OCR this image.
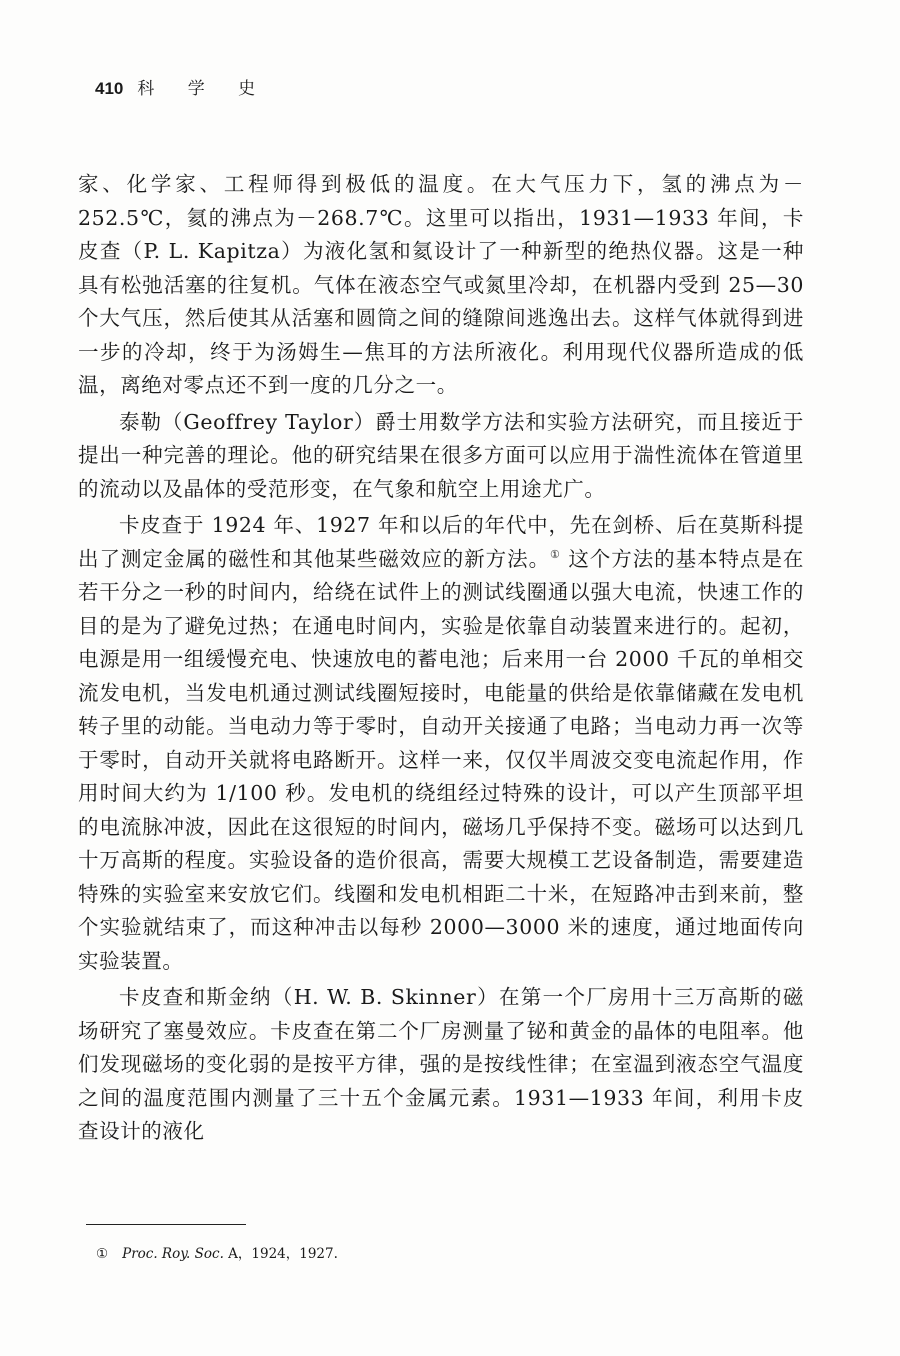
410 科 学 史

家、化学家、工程师得到极低的温度。在大气压力下，氢的沸点为－252.5℃，氦的沸点为－268.7℃。这里可以指出，1931—1933 年间，卡皮查（P. L. Kapitza）为液化氢和氦设计了一种新型的绝热仪器。这是一种具有松弛活塞的往复机。气体在液态空气或氮里冷却，在机器内受到 25—30 个大气压，然后使其从活塞和圆筒之间的缝隙间逃逸出去。这样气体就得到进一步的冷却，终于为汤姆生—焦耳的方法所液化。利用现代仪器所造成的低温，离绝对零点还不到一度的几分之一。

泰勒（Geoffrey Taylor）爵士用数学方法和实验方法研究，而且接近于提出一种完善的理论。他的研究结果在很多方面可以应用于湍性流体在管道里的流动以及晶体的受范形变，在气象和航空上用途尤广。

卡皮查于 1924 年、1927 年和以后的年代中，先在剑桥、后在莫斯科提出了测定金属的磁性和其他某些磁效应的新方法。① 这个方法的基本特点是在若干分之一秒的时间内，给绕在试件上的测试线圈通以强大电流，快速工作的目的是为了避免过热；在通电时间内，实验是依靠自动装置来进行的。起初，电源是用一组缓慢充电、快速放电的蓄电池；后来用一台 2000 千瓦的单相交流发电机，当发电机通过测试线圈短接时，电能量的供给是依靠储藏在发电机转子里的动能。当电动力等于零时，自动开关接通了电路；当电动力再一次等于零时，自动开关就将电路断开。这样一来，仅仅半周波交变电流起作用，作用时间大约为 1/100 秒。发电机的绕组经过特殊的设计，可以产生顶部平坦的电流脉冲波，因此在这很短的时间内，磁场几乎保持不变。磁场可以达到几十万高斯的程度。实验设备的造价很高，需要大规模工艺设备制造，需要建造特殊的实验室来安放它们。线圈和发电机相距二十米，在短路冲击到来前，整个实验就结束了，而这种冲击以每秒 2000—3000 米的速度，通过地面传向实验装置。

卡皮查和斯金纳（H. W. B. Skinner）在第一个厂房用十三万高斯的磁场研究了塞曼效应。卡皮查在第二个厂房测量了铋和黄金的晶体的电阻率。他们发现磁场的变化弱的是按平方律，强的是按线性律；在室温到液态空气温度之间的温度范围内测量了三十五个金属元素。1931—1933 年间，利用卡皮查设计的液化

① Proc. Roy. Soc. A，1924，1927.
